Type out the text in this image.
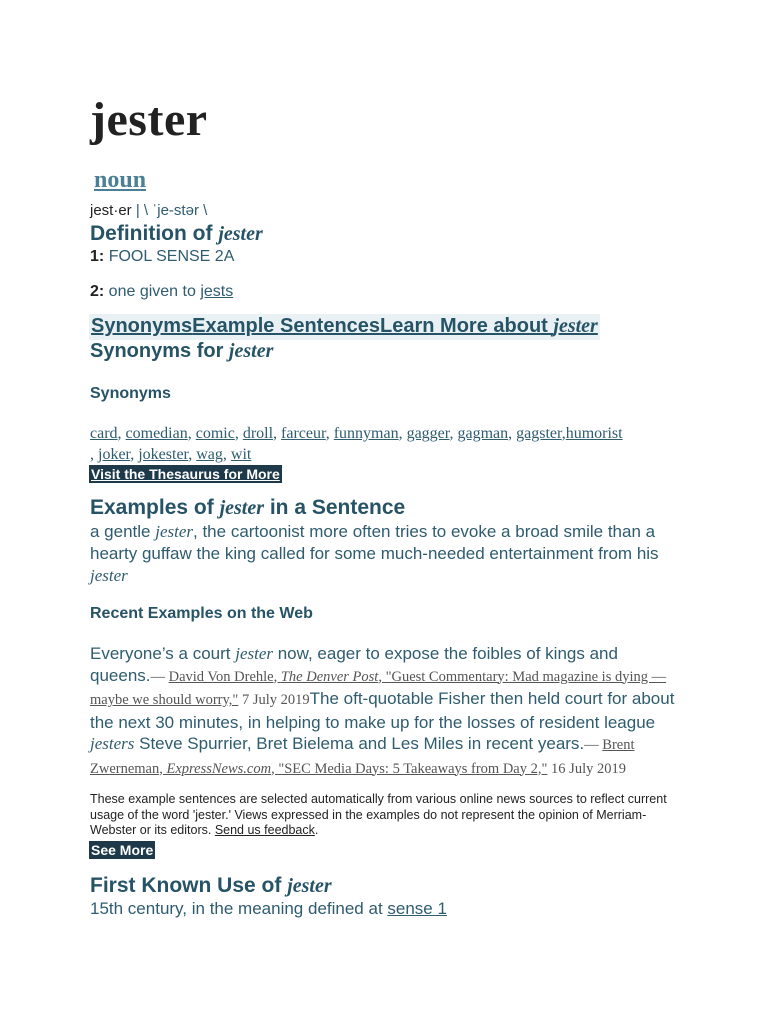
jester
noun
jest·er | \ ˈje-stər \
Definition of jester
1: FOOL SENSE 2A
2: one given to jests
SynonymsExample SentencesLearn More about jester
Synonyms for jester
Synonyms
card, comedian, comic, droll, farceur, funnyman, gagger, gagman, gagster,humorist
, joker, jokester, wag, wit
Visit the Thesaurus for More
Examples of jester in a Sentence
a gentle jester, the cartoonist more often tries to evoke a broad smile than a hearty guffaw the king called for some much-needed entertainment from his jester
Recent Examples on the Web
Everyone’s a court jester now, eager to expose the foibles of kings and queens.— David Von Drehle, The Denver Post, "Guest Commentary: Mad magazine is dying — maybe we should worry," 7 July 2019The oft-quotable Fisher then held court for about the next 30 minutes, in helping to make up for the losses of resident league jesters Steve Spurrier, Bret Bielema and Les Miles in recent years.— Brent Zwerneman, ExpressNews.com, "SEC Media Days: 5 Takeaways from Day 2," 16 July 2019
These example sentences are selected automatically from various online news sources to reflect current usage of the word 'jester.' Views expressed in the examples do not represent the opinion of Merriam-Webster or its editors. Send us feedback.
See More
First Known Use of jester
15th century, in the meaning defined at sense 1
